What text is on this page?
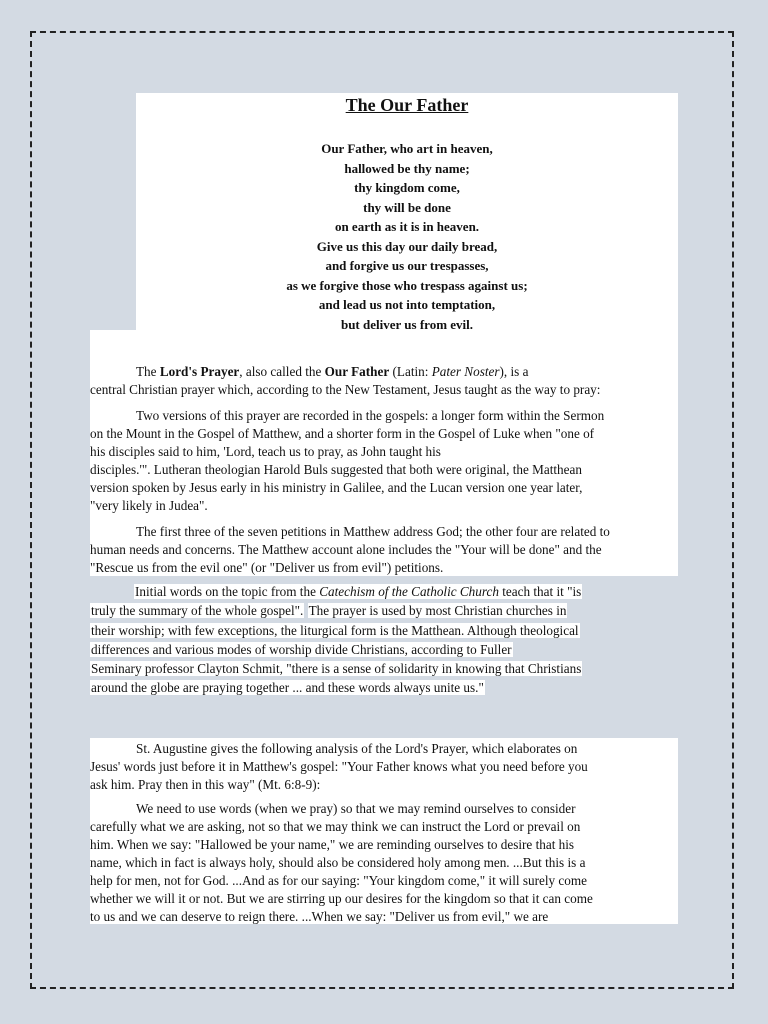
The Our Father
Our Father, who art in heaven,
hallowed be thy name;
thy kingdom come,
thy will be done
on earth as it is in heaven.
Give us this day our daily bread,
and forgive us our trespasses,
as we forgive those who trespass against us;
and lead us not into temptation,
but deliver us from evil.
The Lord's Prayer, also called the Our Father (Latin: Pater Noster), is a
central Christian prayer which, according to the New Testament, Jesus taught as the way to pray:
Two versions of this prayer are recorded in the gospels: a longer form within the Sermon
on the Mount in the Gospel of Matthew, and a shorter form in the Gospel of Luke when "one of
his disciples said to him, 'Lord, teach us to pray, as John taught his
disciples.'". Lutheran theologian Harold Buls suggested that both were original, the Matthean
version spoken by Jesus early in his ministry in Galilee, and the Lucan version one year later,
"very likely in Judea".
The first three of the seven petitions in Matthew address God; the other four are related to
human needs and concerns. The Matthew account alone includes the "Your will be done" and the
"Rescue us from the evil one" (or "Deliver us from evil") petitions.
Initial words on the topic from the Catechism of the Catholic Church teach that it "is
truly the summary of the whole gospel". The prayer is used by most Christian churches in
their worship; with few exceptions, the liturgical form is the Matthean. Although theological
differences and various modes of worship divide Christians, according to Fuller
Seminary professor Clayton Schmit, "there is a sense of solidarity in knowing that Christians
around the globe are praying together ... and these words always unite us."
St. Augustine gives the following analysis of the Lord's Prayer, which elaborates on
Jesus' words just before it in Matthew's gospel: "Your Father knows what you need before you
ask him. Pray then in this way" (Mt. 6:8-9):
We need to use words (when we pray) so that we may remind ourselves to consider
carefully what we are asking, not so that we may think we can instruct the Lord or prevail on
him. When we say: "Hallowed be your name," we are reminding ourselves to desire that his
name, which in fact is always holy, should also be considered holy among men. ...But this is a
help for men, not for God. ...And as for our saying: "Your kingdom come," it will surely come
whether we will it or not. But we are stirring up our desires for the kingdom so that it can come
to us and we can deserve to reign there. ...When we say: "Deliver us from evil," we are
